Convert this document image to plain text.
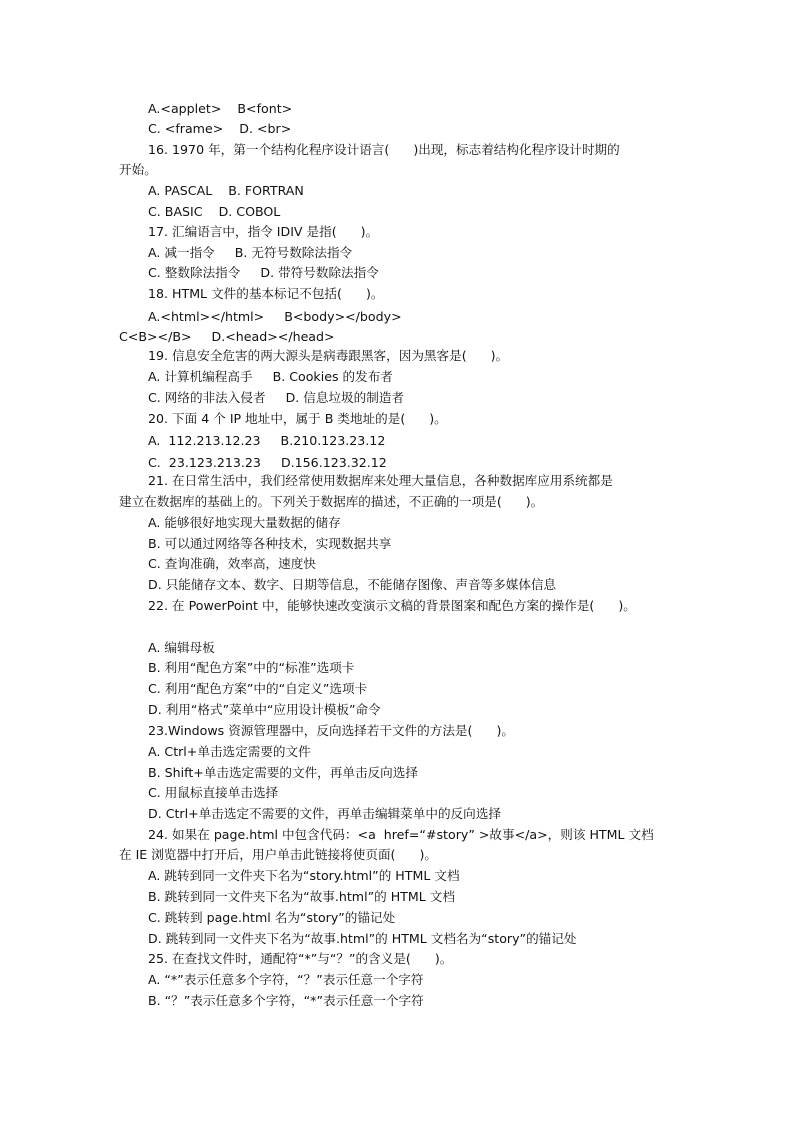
A.<applet>    B<font>
C. <frame>    D. <br>
16. 1970 年，第一个结构化程序设计语言(      )出现，标志着结构化程序设计时期的
开始。
A. PASCAL    B. FORTRAN
C. BASIC    D. COBOL
17. 汇编语言中，指令 IDIV 是指(      )。
A. 减一指令     B. 无符号数除法指令
C. 整数除法指令     D. 带符号数除法指令
18. HTML 文件的基本标记不包括(      )。
A.<html></html>     B<body></body>
C<B></B>     D.<head></head>
19. 信息安全危害的两大源头是病毒跟黑客，因为黑客是(      )。
A. 计算机编程高手     B. Cookies 的发布者
C. 网络的非法入侵者     D. 信息垃圾的制造者
20. 下面 4 个 IP 地址中，属于 B 类地址的是(      )。
A.  112.213.12.23     B.210.123.23.12
C.  23.123.213.23     D.156.123.32.12
21. 在日常生活中，我们经常使用数据库来处理大量信息，各种数据库应用系统都是
建立在数据库的基础上的。下列关于数据库的描述，不正确的一项是(      )。
A. 能够很好地实现大量数据的储存
B. 可以通过网络等各种技术，实现数据共享
C. 查询准确，效率高，速度快
D. 只能储存文本、数字、日期等信息，不能储存图像、声音等多媒体信息
22. 在 PowerPoint 中，能够快速改变演示文稿的背景图案和配色方案的操作是(      )。
A. 编辑母板
B. 利用“配色方案”中的“标准”选项卡
C. 利用“配色方案”中的“自定义”选项卡
D. 利用“格式”菜单中“应用设计模板”命令
23.Windows 资源管理器中，反向选择若干文件的方法是(      )。
A. Ctrl+单击选定需要的文件
B. Shift+单击选定需要的文件，再单击反向选择
C. 用鼠标直接单击选择
D. Ctrl+单击选定不需要的文件，再单击编辑菜单中的反向选择
24. 如果在 page.html 中包含代码：<a  href=“#story” >故事</a>，则该 HTML 文档
在 IE 浏览器中打开后，用户单击此链接将使页面(      )。
A. 跳转到同一文件夹下名为“story.html”的 HTML 文档
B. 跳转到同一文件夹下名为“故事.html”的 HTML 文档
C. 跳转到 page.html 名为“story”的锚记处
D. 跳转到同一文件夹下名为“故事.html”的 HTML 文档名为“story”的锚记处
25. 在查找文件时，通配符“*”与“？”的含义是(      )。
A. “*”表示任意多个字符，“？”表示任意一个字符
B. “？”表示任意多个字符，“*”表示任意一个字符
